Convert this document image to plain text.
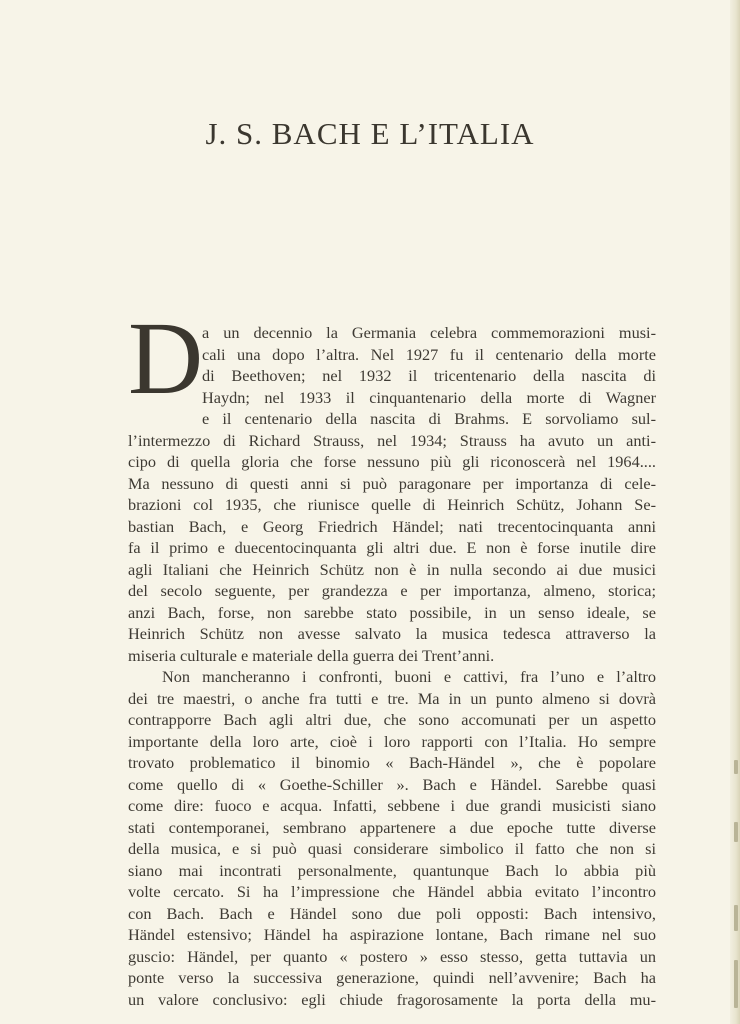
J. S. BACH E L’ITALIA
D
a un decennio la Germania celebra commemorazioni musi-
cali una dopo l’altra. Nel 1927 fu il centenario della morte
di Beethoven; nel 1932 il tricentenario della nascita di
Haydn; nel 1933 il cinquantenario della morte di Wagner
e il centenario della nascita di Brahms. E sorvoliamo sul-
l’intermezzo di Richard Strauss, nel 1934; Strauss ha avuto un anti-
cipo di quella gloria che forse nessuno più gli riconoscerà nel 1964....
Ma nessuno di questi anni si può paragonare per importanza di cele-
brazioni col 1935, che riunisce quelle di Heinrich Schütz, Johann Se-
bastian Bach, e Georg Friedrich Händel; nati trecentocinquanta anni
fa il primo e duecentocinquanta gli altri due. E non è forse inutile dire
agli Italiani che Heinrich Schütz non è in nulla secondo ai due musici
del secolo seguente, per grandezza e per importanza, almeno, storica;
anzi Bach, forse, non sarebbe stato possibile, in un senso ideale, se
Heinrich Schütz non avesse salvato la musica tedesca attraverso la
miseria culturale e materiale della guerra dei Trent’anni.
Non mancheranno i confronti, buoni e cattivi, fra l’uno e l’altro
dei tre maestri, o anche fra tutti e tre. Ma in un punto almeno si dovrà
contrapporre Bach agli altri due, che sono accomunati per un aspetto
importante della loro arte, cioè i loro rapporti con l’Italia. Ho sempre
trovato problematico il binomio « Bach-Händel », che è popolare
come quello di « Goethe-Schiller ». Bach e Händel. Sarebbe quasi
come dire: fuoco e acqua. Infatti, sebbene i due grandi musicisti siano
stati contemporanei, sembrano appartenere a due epoche tutte diverse
della musica, e si può quasi considerare simbolico il fatto che non si
siano mai incontrati personalmente, quantunque Bach lo abbia più
volte cercato. Si ha l’impressione che Händel abbia evitato l’incontro
con Bach. Bach e Händel sono due poli opposti: Bach intensivo,
Händel estensivo; Händel ha aspirazione lontane, Bach rimane nel suo
guscio: Händel, per quanto « postero » esso stesso, getta tuttavia un
ponte verso la successiva generazione, quindi nell’avvenire; Bach ha
un valore conclusivo: egli chiude fragorosamente la porta della mu-
